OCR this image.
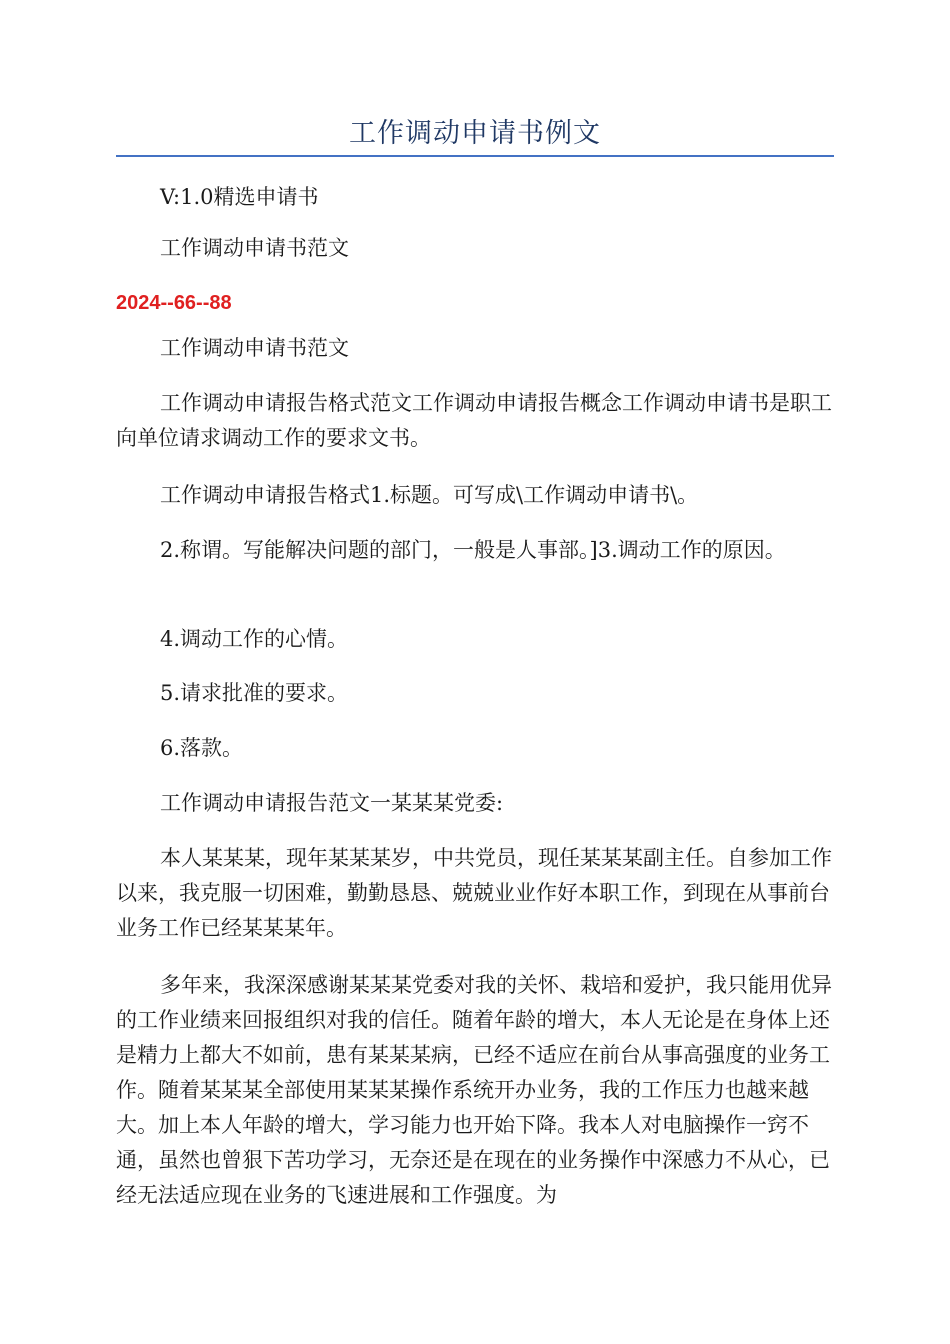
工作调动申请书例文

V:1.0精选申请书

工作调动申请书范文

2024--66--88

工作调动申请书范文

工作调动申请报告格式范文工作调动申请报告概念工作调动申请书是职工向单位请求调动工作的要求文书。

工作调动申请报告格式1.标题。可写成\工作调动申请书\。

2.称谓。写能解决问题的部门，一般是人事部。]3.调动工作的原因。

4.调动工作的心情。

5.请求批准的要求。

6.落款。

工作调动申请报告范文一某某某党委:

本人某某某，现年某某某岁，中共党员，现任某某某副主任。自参加工作以来，我克服一切困难，勤勤恳恳、兢兢业业作好本职工作，到现在从事前台业务工作已经某某某年。

多年来，我深深感谢某某某党委对我的关怀、栽培和爱护，我只能用优异的工作业绩来回报组织对我的信任。随着年龄的增大，本人无论是在身体上还是精力上都大不如前，患有某某某病，已经不适应在前台从事高强度的业务工作。随着某某某全部使用某某某操作系统开办业务，我的工作压力也越来越大。加上本人年龄的增大，学习能力也开始下降。我本人对电脑操作一窍不通，虽然也曾狠下苦功学习，无奈还是在现在的业务操作中深感力不从心，已经无法适应现在业务的飞速进展和工作强度。为
